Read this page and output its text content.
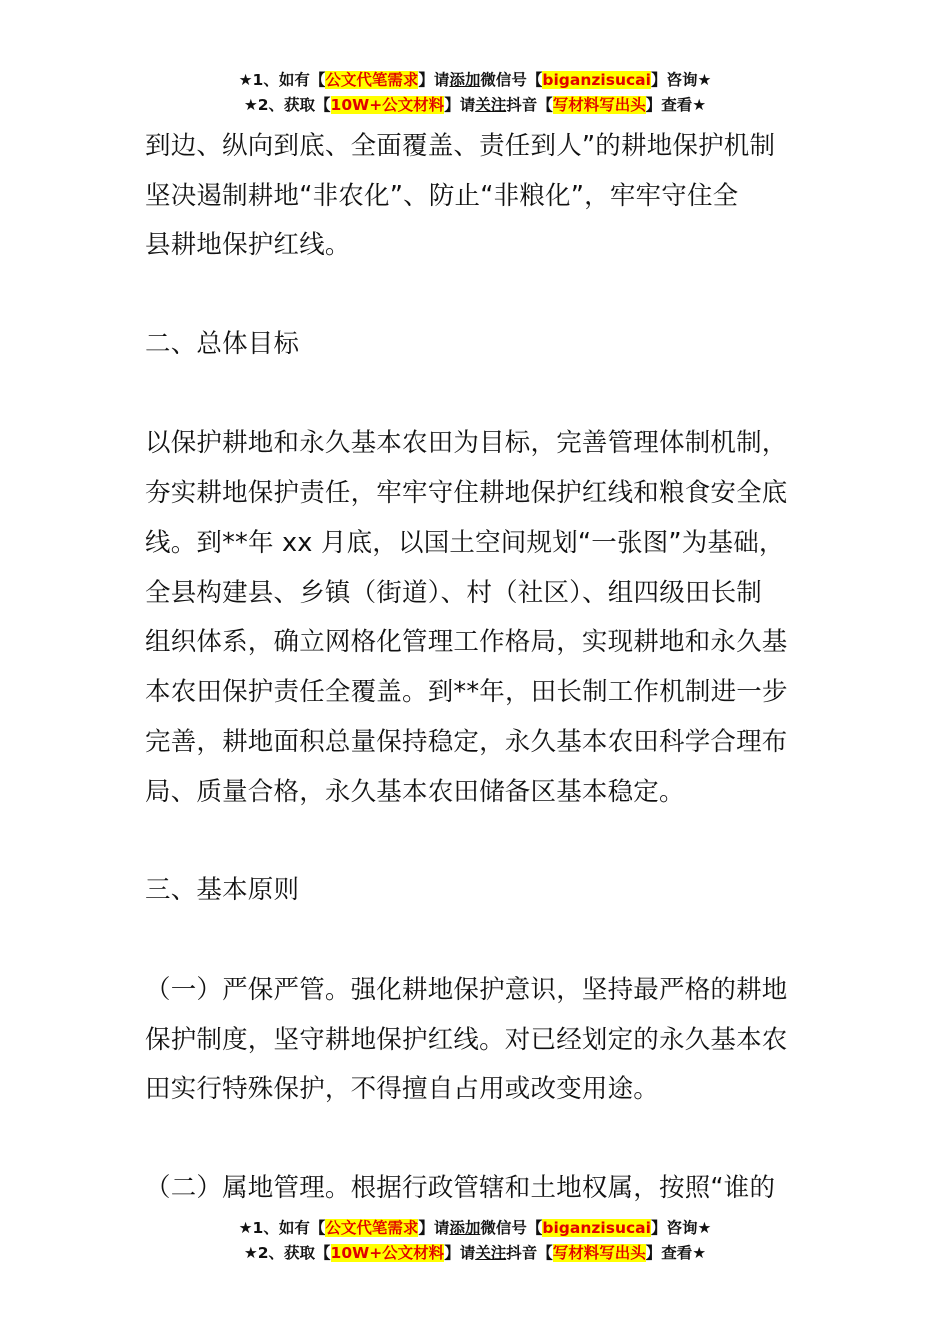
★1、如有【公文代笔需求】请添加微信号【biganzisucai】咨询★
★2、获取【10W+公文材料】请关注抖音【写材料写出头】查看★
到边、纵向到底、全面覆盖、责任到人”的耕地保护机制
坚决遏制耕地“非农化”、防止“非粮化”，牢牢守住全
县耕地保护红线。
二、总体目标
以保护耕地和永久基本农田为目标，完善管理体制机制，
夯实耕地保护责任，牢牢守住耕地保护红线和粮食安全底
线。到**年 xx 月底，以国土空间规划“一张图”为基础，
全县构建县、乡镇（街道）、村（社区）、组四级田长制
组织体系，确立网格化管理工作格局，实现耕地和永久基
本农田保护责任全覆盖。到**年，田长制工作机制进一步
完善，耕地面积总量保持稳定，永久基本农田科学合理布
局、质量合格，永久基本农田储备区基本稳定。
三、基本原则
（一）严保严管。强化耕地保护意识，坚持最严格的耕地
保护制度，坚守耕地保护红线。对已经划定的永久基本农
田实行特殊保护，不得擅自占用或改变用途。
（二）属地管理。根据行政管辖和土地权属，按照“谁的
★1、如有【公文代笔需求】请添加微信号【biganzisucai】咨询★
★2、获取【10W+公文材料】请关注抖音【写材料写出头】查看★
